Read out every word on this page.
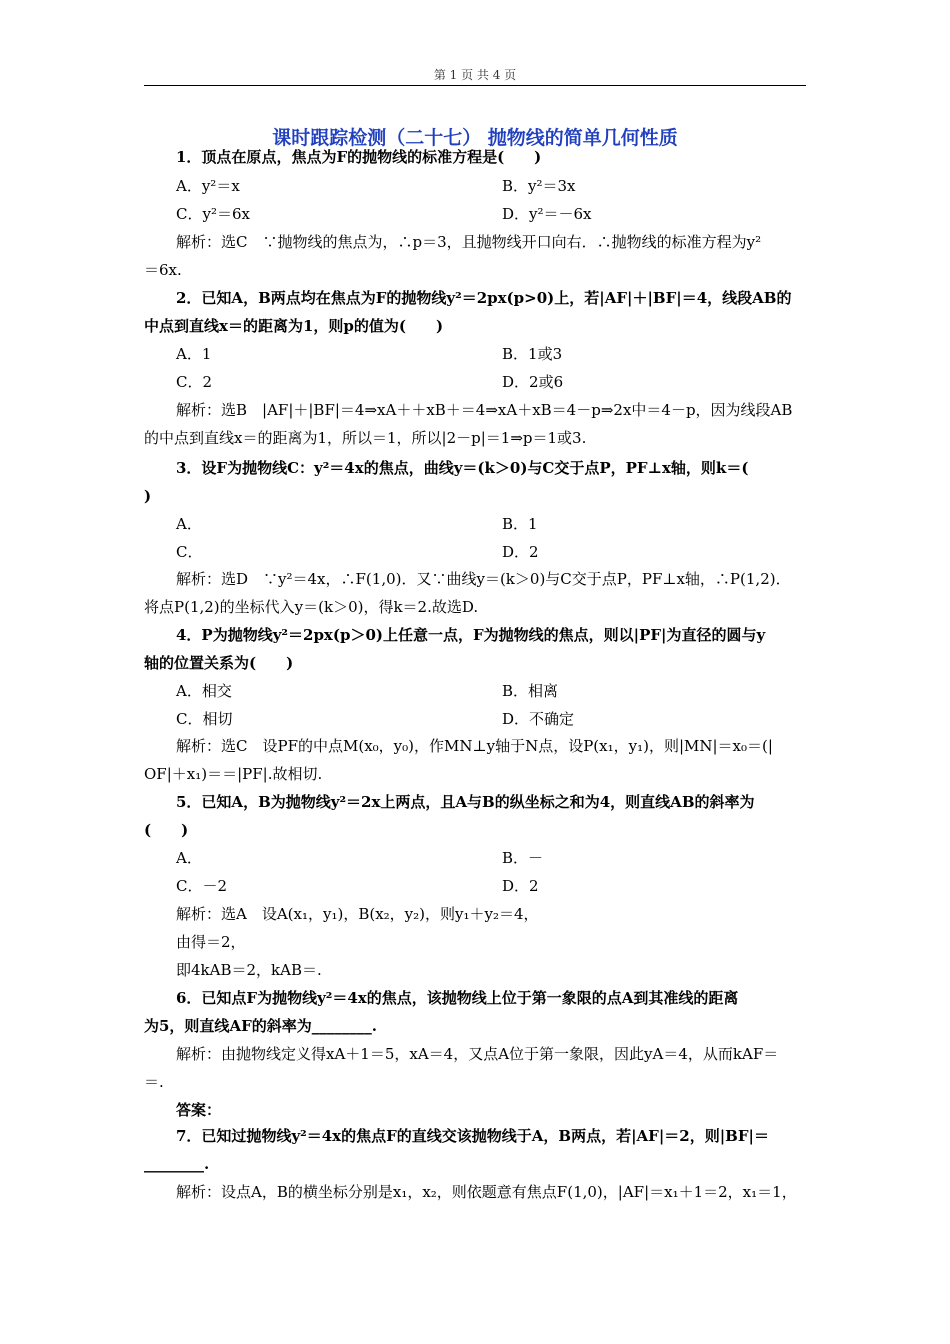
第 1 页 共 4 页
课时跟踪检测（二十七） 抛物线的简单几何性质
1．顶点在原点，焦点为F的抛物线的标准方程是(　　)
A．y²＝x	B．y²＝3x
C．y²＝6x	D．y²＝－6x
解析：选C　∵抛物线的焦点为，∴p＝3，且抛物线开口向右．∴抛物线的标准方程为y²
＝6x.
2．已知A，B两点均在焦点为F的抛物线y²＝2px(p>0)上，若|AF|＋|BF|＝4，线段AB的
中点到直线x＝的距离为1，则p的值为(　　)
A．1	B．1或3
C．2	D．2或6
解析：选B　|AF|＋|BF|＝4⇒xA＋＋xB＋＝4⇒xA＋xB＝4－p⇒2x中＝4－p，因为线段AB
的中点到直线x＝的距离为1，所以＝1，所以|2－p|＝1⇒p＝1或3.
3．设F为抛物线C：y²＝4x的焦点，曲线y＝(k＞0)与C交于点P，PF⊥x轴，则k＝(
)
A．	B．1
C．	D．2
解析：选D　∵y²＝4x，∴F(1,0)．又∵曲线y＝(k＞0)与C交于点P，PF⊥x轴，∴P(1,2)．
将点P(1,2)的坐标代入y＝(k＞0)，得k＝2.故选D.
4．P为抛物线y²＝2px(p＞0)上任意一点，F为抛物线的焦点，则以|PF|为直径的圆与y
轴的位置关系为(　　)
A．相交	B．相离
C．相切	D．不确定
解析：选C　设PF的中点M(x₀，y₀)，作MN⊥y轴于N点，设P(x₁，y₁)，则|MN|＝x₀＝(|
OF|＋x₁)＝＝|PF|.故相切.
5．已知A，B为抛物线y²＝2x上两点，且A与B的纵坐标之和为4，则直线AB的斜率为
(　　)
A．	B．－
C．－2	D．2
解析：选A　设A(x₁，y₁)，B(x₂，y₂)，则y₁＋y₂＝4，
由得＝2，
即4kAB＝2，kAB＝.
6．已知点F为抛物线y²＝4x的焦点，该抛物线上位于第一象限的点A到其准线的距离
为5，则直线AF的斜率为________.
解析：由抛物线定义得xA＋1＝5，xA＝4，又点A位于第一象限，因此yA＝4，从而kAF＝
＝.
答案：
7．已知过抛物线y²＝4x的焦点F的直线交该抛物线于A，B两点，若|AF|＝2，则|BF|＝
________.
解析：设点A，B的横坐标分别是x₁，x₂，则依题意有焦点F(1,0)，|AF|＝x₁＋1＝2，x₁＝1，
